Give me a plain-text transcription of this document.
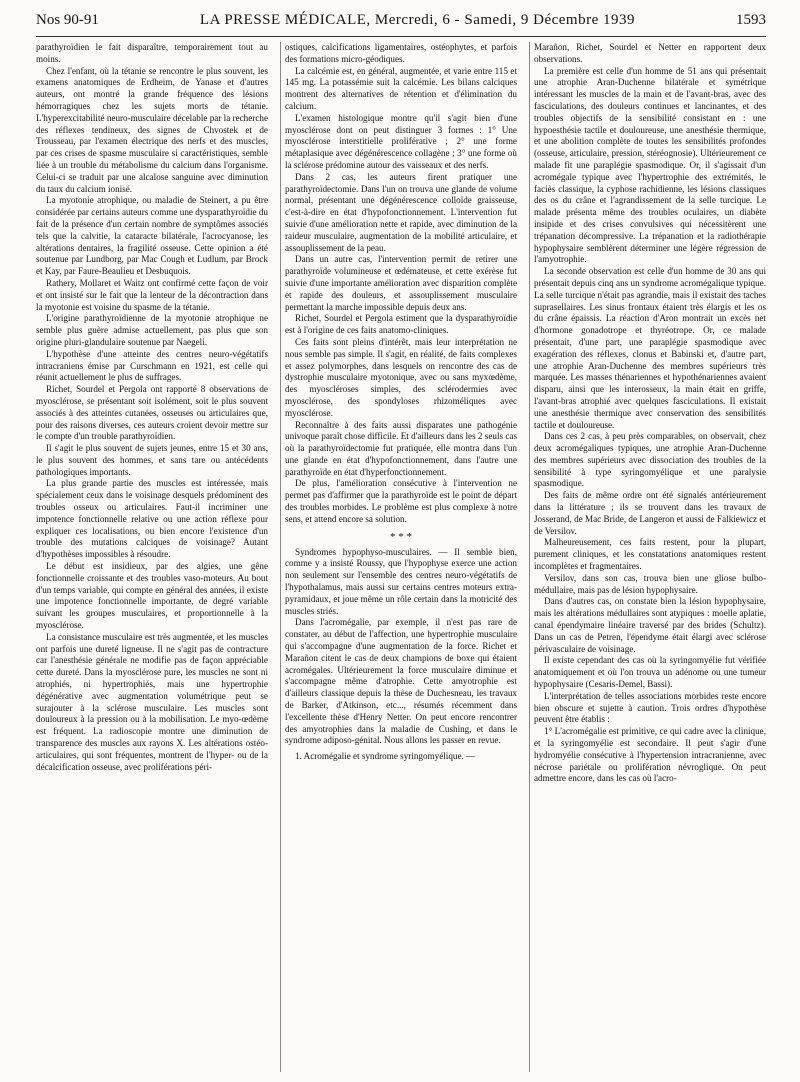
Nos 90-91	LA PRESSE MÉDICALE, Mercredi, 6 - Samedi, 9 Décembre 1939	1593

parathyroïdien le fait disparaître, temporairement tout au moins.

Chez l'enfant, où la tétanie se rencontre le plus souvent, les examens anatomiques de Erdheim, de Yanase et d'autres auteurs, ont montré la grande fréquence des lésions hémorragiques chez les sujets morts de tétanie. L'hyperexcitabilité neuro-musculaire décelable par la recherche des réflexes tendineux, des signes de Chvostek et de Trousseau, par l'examen électrique des nerfs et des muscles, par ces crises de spasme musculaire si caractéristiques, semble liée à un trouble du métabolisme du calcium dans l'organisme. Celui-ci se traduit par une alcalose sanguine avec diminution du taux du calcium ionisé.

La myotonie atrophique, ou maladie de Steinert, a pu être considérée par certains auteurs comme une dysparathyroïdie du fait de la présence d'un certain nombre de symptômes associés tels que la calvitie, la cataracte bilatérale, l'acrocyanose, les altérations dentaires, la fragilité osseuse. Cette opinion a été soutenue par Lundborg, par Mac Cough et Ludlum, par Brock et Kay, par Faure-Beaulieu et Desbuquois.

Rathery, Mollaret et Waitz ont confirmé cette façon de voir et ont insisté sur le fait que la lenteur de la décontraction dans la myotonie est voisine du spasme de la tétanie.

L'origine parathyroïdienne de la myotonie atrophique ne semble plus guère admise actuellement, pas plus que son origine pluri-glandulaire soutenue par Naegeli.

L'hypothèse d'une atteinte des centres neuro-végétatifs intracraniens émise par Curschmann en 1921, est celle qui réunit actuellement le plus de suffrages.

Richet, Sourdel et Pergola ont rapporté 8 observations de myosclérose, se présentant soit isolément, soit le plus souvent associés à des atteintes cutanées, osseuses ou articulaires que, pour des raisons diverses, ces auteurs croient devoir mettre sur le compte d'un trouble parathyroïdien.

Il s'agit le plus souvent de sujets jeunes, entre 15 et 30 ans, le plus souvent des hommes, et sans tare ou antécédents pathologiques importants.

La plus grande partie des muscles est intéressée, mais spécialement ceux dans le voisinage desquels prédominent des troubles osseux ou articulaires. Faut-il incriminer une impotence fonctionnelle relative ou une action réflexe pour expliquer ces localisations, ou bien encore l'existence d'un trouble des mutations calciques de voisinage? Autant d'hypothèses impossibles à résoudre.

Le début est insidieux, par des algies, une gêne fonctionnelle croissante et des troubles vaso-moteurs. Au bout d'un temps variable, qui compte en général des années, il existe une impotence fonctionnelle importante, de degré variable suivant les groupes musculaires, et proportionnelle à la myosclérose.

La consistance musculaire est très augmentée, et les muscles ont parfois une dureté ligneuse. Il ne s'agit pas de contracture car l'anesthésie générale ne modifie pas de façon appréciable cette dureté. Dans la myosclérose pure, les muscles ne sont ni atrophiés, ni hypertrophiés, mais une hypertrophie dégénérative avec augmentation volumétrique peut se surajouter à la sclérose musculaire. Les muscles sont douloureux à la pression ou à la mobilisation. Le myo-œdème est fréquent. La radioscopie montre une diminution de transparence des muscles aux rayons X. Les altérations ostéo-articulaires, qui sont fréquentes, montrent de l'hyper- ou de la décalcification osseuse, avec proliférations péri-

ostiques, calcifications ligamentaires, ostéophytes, et parfois des formations micro-géodiques.

La calcémie est, en général, augmentée, et varie entre 115 et 145 mg. La potassémie suit la calcémie. Les bilans calciques montrent des alternatives de rétention et d'élimination du calcium.

L'examen histologique montre qu'il s'agit bien d'une myosclérose dont on peut distinguer 3 formes : 1° Une myosclérose interstitielle proliférative ; 2° une forme métaplasique avec dégénérescence collagène ; 3° une forme où la sclérose prédomine autour des vaisseaux et des nerfs.

Dans 2 cas, les auteurs firent pratiquer une parathyroïdectomie. Dans l'un on trouva une glande de volume normal, présentant une dégénérescence colloïde graisseuse, c'est-à-dire en état d'hypofonctionnement. L'intervention fut suivie d'une amélioration nette et rapide, avec diminution de la raideur musculaire, augmentation de la mobilité articulaire, et assouplissement de la peau.

Dans un autre cas, l'intervention permit de retirer une parathyroïde volumineuse et œdémateuse, et cette exérèse fut suivie d'une importante amélioration avec disparition complète et rapide des douleurs, et assouplissement musculaire permettant la marche impossible depuis deux ans.

Richet, Sourdel et Pergola estiment que la dysparathyroïdie est à l'origine de ces faits anatomo-cliniques.

Ces faits sont pleins d'intérêt, mais leur interprétation ne nous semble pas simple. Il s'agit, en réalité, de faits complexes et assez polymorphes, dans lesquels on rencontre des cas de dystrophie musculaire myotonique, avec ou sans myxœdème, des myoscléroses simples, des sclérodermies avec myosclérose, des spondyloses rhizoméliques avec myosclérose.

Reconnaître à des faits aussi disparates une pathogénie univoque paraît chose difficile. Et d'ailleurs dans les 2 seuls cas où la parathyroïdectomie fut pratiquée, elle montra dans l'un une glande en état d'hypofonctionnement, dans l'autre une parathyroïde en état d'hyperfonctionnement.

De plus, l'amélioration consécutive à l'intervention ne permet pas d'affirmer que la parathyroïde est le point de départ des troubles morbides. Le problème est plus complexe à notre sens, et attend encore sa solution.

* * *

Syndromes hypophyso-musculaires. — Il semble bien, comme y a insisté Roussy, que l'hypophyse exerce une action non seulement sur l'ensemble des centres neuro-végétatifs de l'hypothalamus, mais aussi sur certains centres moteurs extra-pyramidaux, et joue même un rôle certain dans la motricité des muscles striés.

Dans l'acromégalie, par exemple, il n'est pas rare de constater, au début de l'affection, une hypertrophie musculaire qui s'accompagne d'une augmentation de la force. Richet et Marañon citent le cas de deux champions de boxe qui étaient acromégales. Ultérieurement la force musculaire diminue et s'accompagne même d'atrophie. Cette amyotrophie est d'ailleurs classique depuis la thèse de Duchesneau, les travaux de Barker, d'Atkinson, etc..., résumés récemment dans l'excellente thèse d'Henry Netter. On peut encore rencontrer des amyotrophies dans la maladie de Cushing, et dans le syndrome adiposo-génital. Nous allons les passer en revue.

1. Acromégalie et syndrome syringomyélique. —

Marañon, Richet, Sourdel et Netter en rapportent deux observations.

La première est celle d'un homme de 51 ans qui présentait une atrophie Aran-Duchenne bilatérale et symétrique intéressant les muscles de la main et de l'avant-bras, avec des fasciculations, des douleurs continues et lancinantes, et des troubles objectifs de la sensibilité consistant en : une hypoesthésie tactile et douloureuse, une anesthésie thermique, et une abolition complète de toutes les sensibilités profondes (osseuse, articulaire, pression, stéréognosie). Ultérieurement ce malade fit une paraplégie spasmodique. Or, il s'agissait d'un acromégale typique avec l'hypertrophie des extrémités, le faciès classique, la cyphose rachidienne, les lésions classiques des os du crâne et l'agrandissement de la selle turcique. Le malade présenta même des troubles oculaires, un diabète insipide et des crises convulsives qui nécessitèrent une trépanation décompressive. La trépanation et la radiothérapie hypophysaire semblèrent déterminer une légère régression de l'amyotrophie.

La seconde observation est celle d'un homme de 30 ans qui présentait depuis cinq ans un syndrome acromégalique typique. La selle turcique n'était pas agrandie, mais il existait des taches suprasellaires. Les sinus frontaux étaient très élargis et les os du crâne épaissis. La réaction d'Aron montrait un excès net d'hormone gonadotrope et thyréotrope. Or, ce malade présentait, d'une part, une paraplégie spasmodique avec exagération des réflexes, clonus et Babinski et, d'autre part, une atrophie Aran-Duchenne des membres supérieurs très marquée. Les masses thénariennes et hypothénariennes avaient disparu, ainsi que les interosseux, la main était en griffe, l'avant-bras atrophié avec quelques fasciculations. Il existait une anesthésie thermique avec conservation des sensibilités tactile et douloureuse.

Dans ces 2 cas, à peu près comparables, on observait, chez deux acromégaliques typiques, une atrophie Aran-Duchenne des membres supérieurs avec dissociation des troubles de la sensibilité à type syringomyélique et une paralysie spasmodique.

Des faits de même ordre ont été signalés antérieurement dans la littérature ; ils se trouvent dans les travaux de Josserand, de Mac Bride, de Langeron et aussi de Falkiewicz et de Versilov.

Malheureusement, ces faits restent, pour la plupart, purement cliniques, et les constatations anatomiques restent incomplètes et fragmentaires.

Versilov, dans son cas, trouva bien une gliose bulbo-médullaire, mais pas de lésion hypophysaire.

Dans d'autres cas, on constate bien la lésion hypophysaire, mais les altérations médullaires sont atypiques : moelle aplatie, canal épendymaire linéaire traversé par des brides (Schultz). Dans un cas de Petren, l'épendyme était élargi avec sclérose périvasculaire de voisinage.

Il existe cependant des cas où la syringomyélie fut vérifiée anatomiquement et où l'on trouva un adénome ou une tumeur hypophysaire (Cesaris-Demel, Bassi).

L'interprétation de telles associations morbides reste encore bien obscure et sujette à caution. Trois ordres d'hypothèse peuvent être établis :

1° L'acromégalie est primitive, ce qui cadre avec la clinique, et la syringomyélie est secondaire. Il peut s'agir d'une hydromyélie consécutive à l'hypertension intracranienne, avec nécrose pariétale ou prolifération névroglique. On peut admettre encore, dans les cas où l'acro-
